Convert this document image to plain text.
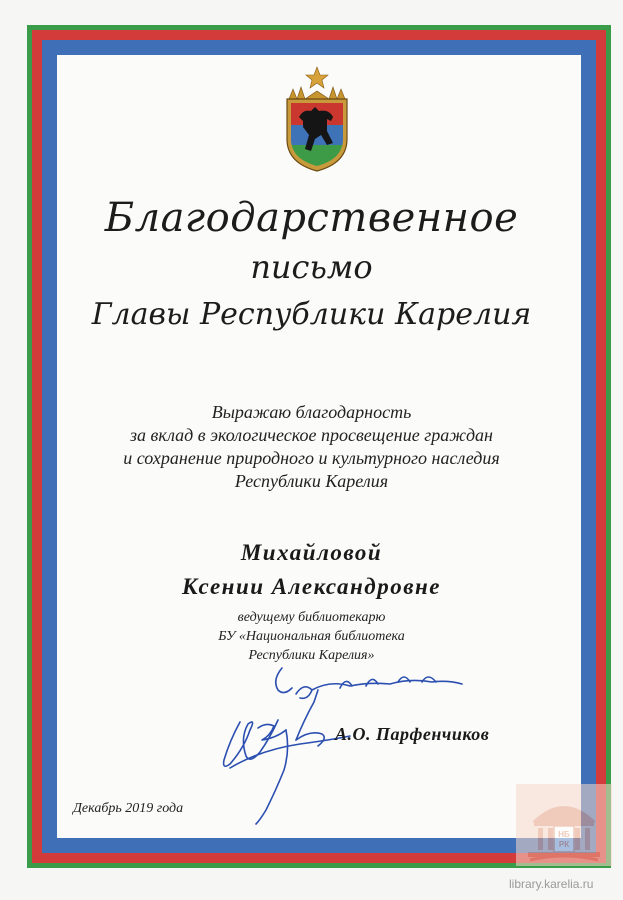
Благодарственное
письмо
Главы Республики Карелия
Выражаю благодарность
за вклад в экологическое просвещение граждан
и сохранение природного и культурного наследия
Республики Карелия
Михайловой
Ксении Александровне
ведущему библиотекарю
БУ «Национальная библиотека
Республики Карелия»
А.О. Парфенчиков
Декабрь 2019 года
НБ
РК
library.karelia.ru
